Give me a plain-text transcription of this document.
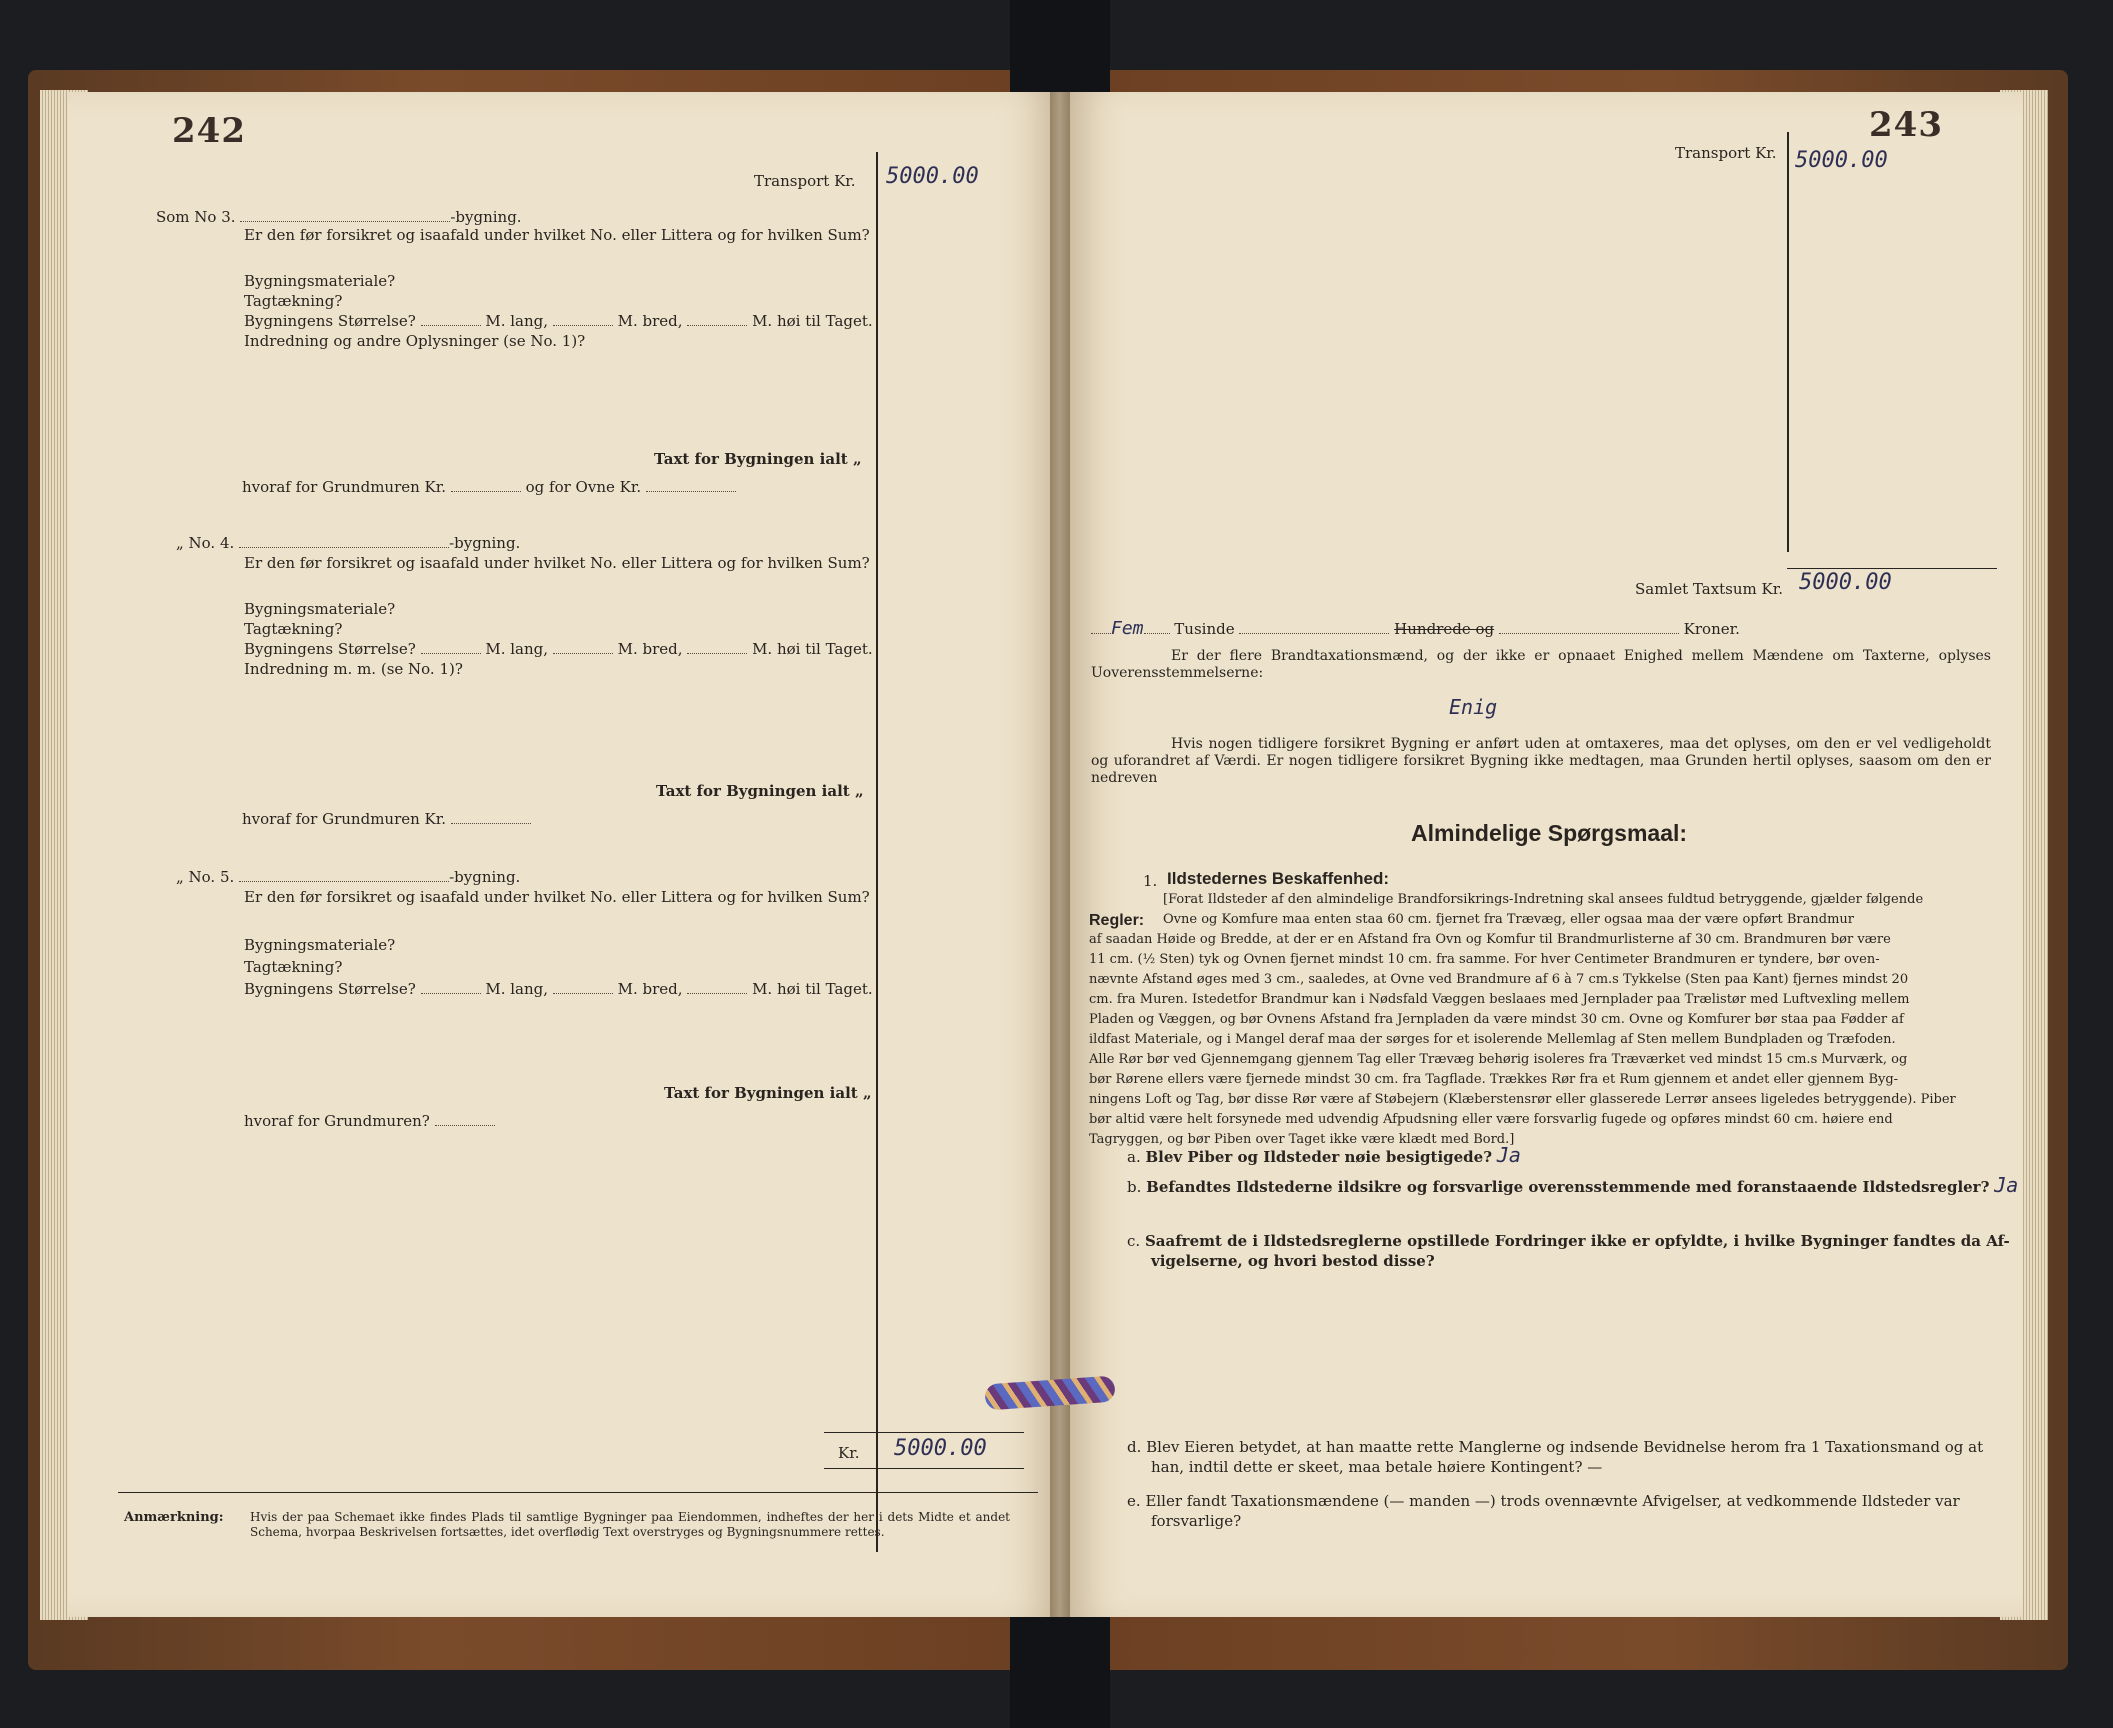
242
Transport Kr. 5000.00
Som No 3.	-bygning.
Er den før forsikret og isaafald under hvilket No. eller Littera og for hvilken Sum?
Bygningsmateriale?
Tagtækning?
Bygningens Størrelse?	M. lang,	M. bred,	M. høi til Taget.
Indredning og andre Oplysninger (se No. 1)?
Taxt for Bygningen ialt „
hvoraf for Grundmuren Kr.	og for Ovne Kr.
„ No. 4.	-bygning.
Er den før forsikret og isaafald under hvilket No. eller Littera og for hvilken Sum?
Bygningsmateriale?
Tagtækning?
Bygningens Størrelse?	M. lang,	M. bred,	M. høi til Taget.
Indredning m. m. (se No. 1)?
Taxt for Bygningen ialt „
hvoraf for Grundmuren Kr.
„ No. 5.	-bygning.
Er den før forsikret og isaafald under hvilket No. eller Littera og for hvilken Sum?
Bygningsmateriale?
Tagtækning?
Bygningens Størrelse?	M. lang,	M. bred,	M. høi til Taget.
Taxt for Bygningen ialt „
hvoraf for Grundmuren?
Kr. 5000.00
Anmærkning: Hvis der paa Schemaet ikke findes Plads til samtlige Bygninger paa Eiendommen, indheftes der her i dets Midte et andet Schema, hvorpaa Beskrivelsen fortsættes, idet overflødig Text overstryges og Bygningsnummere rettes.
243
Transport Kr. 5000.00
Samlet Taxtsum Kr. 5000.00
Fem Tusinde	Hundrede og	Kroner.
Er der flere Brandtaxationsmænd, og der ikke er opnaaet Enighed mellem Mændene om Taxterne, oplyses Uoverensstemmelserne:
Enig
Hvis nogen tidligere forsikret Bygning er anført uden at omtaxeres, maa det oplyses, om den er vel vedligeholdt og uforandret af Værdi. Er nogen tidligere forsikret Bygning ikke medtagen, maa Grunden hertil oplyses, saasom om den er nedreven
Almindelige Spørgsmaal:
1. Ildstedernes Beskaffenhed:
Regler:
[Forat Ildsteder af den almindelige Brandforsikrings-Indretning skal ansees fuldtud betryggende, gjælder følgende
Ovne og Komfure maa enten staa 60 cm. fjernet fra Trævæg, eller ogsaa maa der være opført Brandmur
af saadan Høide og Bredde, at der er en Afstand fra Ovn og Komfur til Brandmurlisterne af 30 cm. Brandmuren bør være
11 cm. (½ Sten) tyk og Ovnen fjernet mindst 10 cm. fra samme. For hver Centimeter Brandmuren er tyndere, bør oven-
nævnte Afstand øges med 3 cm., saaledes, at Ovne ved Brandmure af 6 à 7 cm.s Tykkelse (Sten paa Kant) fjernes mindst 20
cm. fra Muren. Istedetfor Brandmur kan i Nødsfald Væggen beslaaes med Jernplader paa Trælistør med Luftvexling mellem
Pladen og Væggen, og bør Ovnens Afstand fra Jernpladen da være mindst 30 cm. Ovne og Komfurer bør staa paa Fødder af
ildfast Materiale, og i Mangel deraf maa der sørges for et isolerende Mellemlag af Sten mellem Bundpladen og Træfoden.
Alle Rør bør ved Gjennemgang gjennem Tag eller Trævæg behørig isoleres fra Træværket ved mindst 15 cm.s Murværk, og
bør Rørene ellers være fjernede mindst 30 cm. fra Tagflade. Trækkes Rør fra et Rum gjennem et andet eller gjennem Byg-
ningens Loft og Tag, bør disse Rør være af Støbejern (Klæberstensrør eller glasserede Lerrør ansees ligeledes betryggende). Piber
bør altid være helt forsynede med udvendig Afpudsning eller være forsvarlig fugede og opføres mindst 60 cm. høiere end
Tagryggen, og bør Piben over Taget ikke være klædt med Bord.]
a. Blev Piber og Ildsteder nøie besigtigede? Ja
b. Befandtes Ildstederne ildsikre og forsvarlige overensstemmende med foranstaaende Ildstedsregler? Ja
c. Saafremt de i Ildstedsreglerne opstillede Fordringer ikke er opfyldte, i hvilke Bygninger fandtes da Af-
vigelserne, og hvori bestod disse?
d. Blev Eieren betydet, at han maatte rette Manglerne og indsende Bevidnelse herom fra 1 Taxationsmand og at
han, indtil dette er skeet, maa betale høiere Kontingent? —
e. Eller fandt Taxationsmændene (— manden —) trods ovennævnte Afvigelser, at vedkommende Ildsteder var
forsvarlige?
